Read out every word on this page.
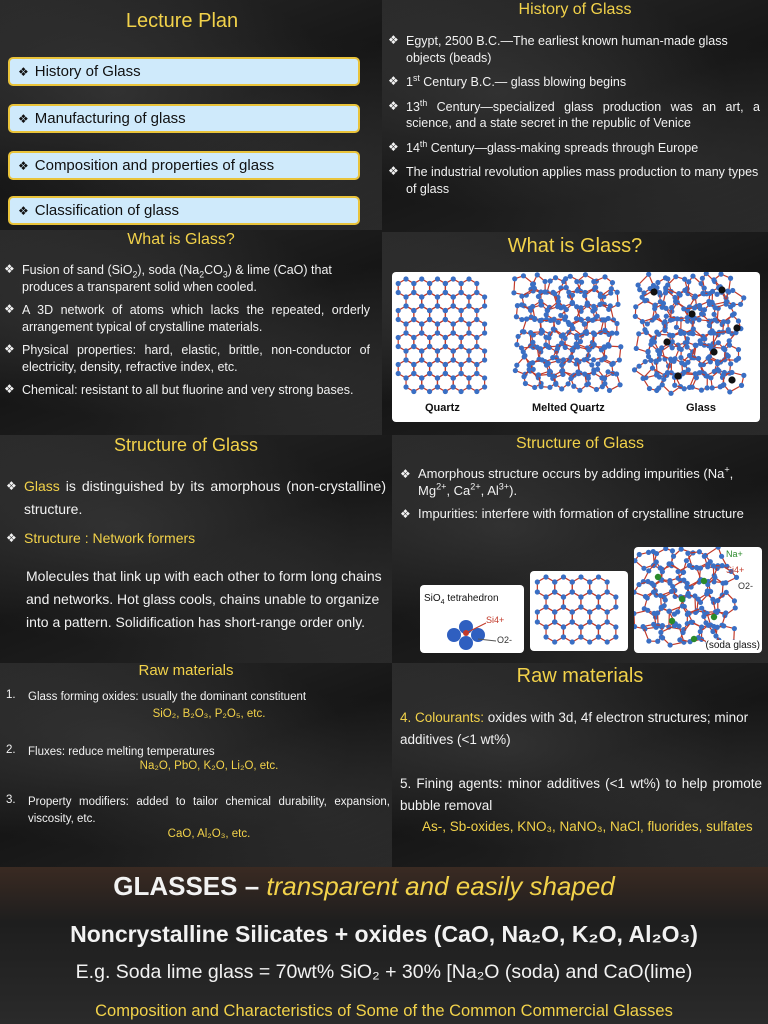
Lecture Plan
❖ History of Glass
❖ Manufacturing of glass
❖ Composition and properties of glass
❖ Classification of glass
History of Glass
❖ Egypt, 2500 B.C.—The earliest known human-made glass objects (beads)
❖ 1st Century B.C.— glass blowing begins
❖ 13th Century—specialized glass production was an art, a science, and a state secret in the republic of Venice
❖ 14th Century—glass-making spreads through Europe
❖ The industrial revolution applies mass production to many types of glass
What is Glass?
❖ Fusion of sand (SiO$_2$), soda $(Na_2CO_3)$ & lime (CaO) that produces a transparent solid when cooled.
❖ A 3D network of atoms which lacks the repeated, orderly arrangement typical of crystalline materials.
❖ Physical properties: hard, elastic, brittle, non-conductor of electricity, density, refractive index, etc.
❖ Chemical: resistant to all but fluorine and very strong bases.
What is Glass?
Quartz	Melted Quartz	Glass
Structure of Glass
❖ Glass is distinguished by its amorphous (non-crystalline) structure.
❖ Structure : Network formers

Molecules that link up with each other to form long chains and networks. Hot glass cools, chains unable to organize into a pattern. Solidification has short-range order only.

Structure of Glass
❖ Amorphous structure occurs by adding impurities (Na+, $Mg^{2+}$, $Ca^{2+}$, $Al^{3+}$).
❖ Impurities: interfere with formation of crystalline structure
SiO$_4$ tetrahedron
Si4+
O2-
Na+
Si4+
O2-
(soda glass)
Raw materials
1. Glass forming oxides: usually the dominant constituent
SiO₂, B₂O₃, P₂O₅, etc.
2. Fluxes: reduce melting temperatures
Na₂O, PbO, K₂O, Li₂O, etc.
3. Property modifiers: added to tailor chemical durability, expansion, viscosity, etc.
CaO, Al₂O₃, etc.
Raw materials
4. Colourants: oxides with 3d, 4f electron structures; minor additives (<1 wt%)
5. Fining agents: minor additives (<1 wt%) to help promote bubble removal
As-, Sb-oxides, KNO₃, NaNO₃, NaCl, fluorides, sulfates
GLASSES – transparent and easily shaped
Noncrystalline Silicates + oxides (CaO, Na₂O, K₂O, Al₂O₃)
E.g. Soda lime glass = 70wt% SiO₂ + 30% [Na₂O (soda) and CaO(lime)
Composition and Characteristics of Some of the Common Commercial Glasses
